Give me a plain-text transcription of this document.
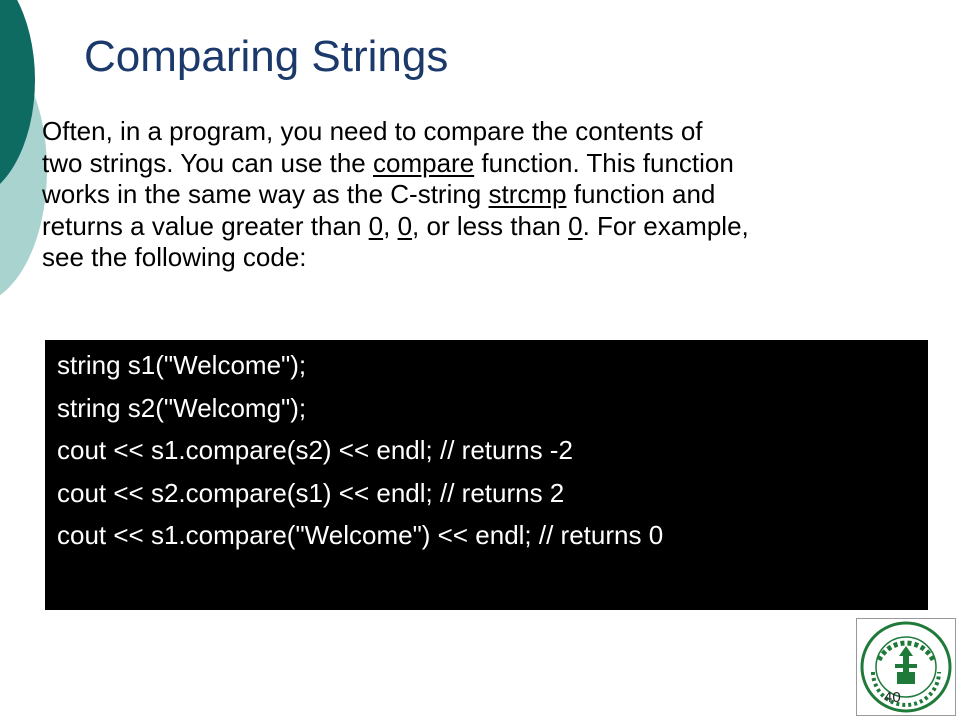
Comparing Strings
Often, in a program, you need to compare the contents of
two strings. You can use the compare function. This function
works in the same way as the C-string strcmp function and
returns a value greater than 0, 0, or less than 0. For example,
see the following code:
string s1("Welcome");
string s2("Welcomg");
cout << s1.compare(s2) << endl; // returns -2
cout << s2.compare(s1) << endl; // returns 2
cout << s1.compare("Welcome") << endl; // returns 0
40
